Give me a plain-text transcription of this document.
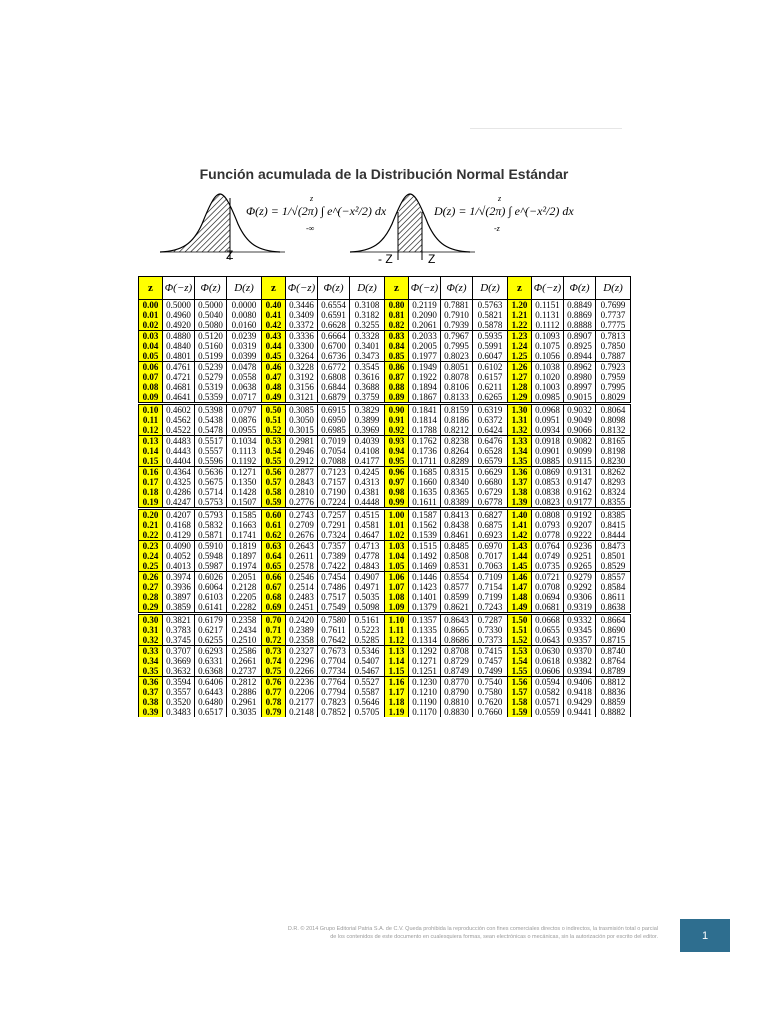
Función acumulada de la Distribución Normal Estándar
Z
Φ(z) = 1/√(2π) ∫ e^(−x²/2) dx
z
-∞
- Z	Z
D(z) = 1/√(2π) ∫ e^(−x²/2) dx
z
-z
z	Φ(−z)	Φ(z)	D(z)	z	Φ(−z)	Φ(z)	D(z)	z	Φ(−z)	Φ(z)	D(z)	z	Φ(−z)	Φ(z)	D(z)
0.00	0.5000	0.5000	0.0000	0.40	0.3446	0.6554	0.3108	0.80	0.2119	0.7881	0.5763	1.20	0.1151	0.8849	0.7699
0.01	0.4960	0.5040	0.0080	0.41	0.3409	0.6591	0.3182	0.81	0.2090	0.7910	0.5821	1.21	0.1131	0.8869	0.7737
0.02	0.4920	0.5080	0.0160	0.42	0.3372	0.6628	0.3255	0.82	0.2061	0.7939	0.5878	1.22	0.1112	0.8888	0.7775
0.03	0.4880	0.5120	0.0239	0.43	0.3336	0.6664	0.3328	0.83	0.2033	0.7967	0.5935	1.23	0.1093	0.8907	0.7813
0.04	0.4840	0.5160	0.0319	0.44	0.3300	0.6700	0.3401	0.84	0.2005	0.7995	0.5991	1.24	0.1075	0.8925	0.7850
0.05	0.4801	0.5199	0.0399	0.45	0.3264	0.6736	0.3473	0.85	0.1977	0.8023	0.6047	1.25	0.1056	0.8944	0.7887
0.06	0.4761	0.5239	0.0478	0.46	0.3228	0.6772	0.3545	0.86	0.1949	0.8051	0.6102	1.26	0.1038	0.8962	0.7923
0.07	0.4721	0.5279	0.0558	0.47	0.3192	0.6808	0.3616	0.87	0.1922	0.8078	0.6157	1.27	0.1020	0.8980	0.7959
0.08	0.4681	0.5319	0.0638	0.48	0.3156	0.6844	0.3688	0.88	0.1894	0.8106	0.6211	1.28	0.1003	0.8997	0.7995
0.09	0.4641	0.5359	0.0717	0.49	0.3121	0.6879	0.3759	0.89	0.1867	0.8133	0.6265	1.29	0.0985	0.9015	0.8029
0.10	0.4602	0.5398	0.0797	0.50	0.3085	0.6915	0.3829	0.90	0.1841	0.8159	0.6319	1.30	0.0968	0.9032	0.8064
0.11	0.4562	0.5438	0.0876	0.51	0.3050	0.6950	0.3899	0.91	0.1814	0.8186	0.6372	1.31	0.0951	0.9049	0.8098
0.12	0.4522	0.5478	0.0955	0.52	0.3015	0.6985	0.3969	0.92	0.1788	0.8212	0.6424	1.32	0.0934	0.9066	0.8132
0.13	0.4483	0.5517	0.1034	0.53	0.2981	0.7019	0.4039	0.93	0.1762	0.8238	0.6476	1.33	0.0918	0.9082	0.8165
0.14	0.4443	0.5557	0.1113	0.54	0.2946	0.7054	0.4108	0.94	0.1736	0.8264	0.6528	1.34	0.0901	0.9099	0.8198
0.15	0.4404	0.5596	0.1192	0.55	0.2912	0.7088	0.4177	0.95	0.1711	0.8289	0.6579	1.35	0.0885	0.9115	0.8230
0.16	0.4364	0.5636	0.1271	0.56	0.2877	0.7123	0.4245	0.96	0.1685	0.8315	0.6629	1.36	0.0869	0.9131	0.8262
0.17	0.4325	0.5675	0.1350	0.57	0.2843	0.7157	0.4313	0.97	0.1660	0.8340	0.6680	1.37	0.0853	0.9147	0.8293
0.18	0.4286	0.5714	0.1428	0.58	0.2810	0.7190	0.4381	0.98	0.1635	0.8365	0.6729	1.38	0.0838	0.9162	0.8324
0.19	0.4247	0.5753	0.1507	0.59	0.2776	0.7224	0.4448	0.99	0.1611	0.8389	0.6778	1.39	0.0823	0.9177	0.8355
0.20	0.4207	0.5793	0.1585	0.60	0.2743	0.7257	0.4515	1.00	0.1587	0.8413	0.6827	1.40	0.0808	0.9192	0.8385
0.21	0.4168	0.5832	0.1663	0.61	0.2709	0.7291	0.4581	1.01	0.1562	0.8438	0.6875	1.41	0.0793	0.9207	0.8415
0.22	0.4129	0.5871	0.1741	0.62	0.2676	0.7324	0.4647	1.02	0.1539	0.8461	0.6923	1.42	0.0778	0.9222	0.8444
0.23	0.4090	0.5910	0.1819	0.63	0.2643	0.7357	0.4713	1.03	0.1515	0.8485	0.6970	1.43	0.0764	0.9236	0.8473
0.24	0.4052	0.5948	0.1897	0.64	0.2611	0.7389	0.4778	1.04	0.1492	0.8508	0.7017	1.44	0.0749	0.9251	0.8501
0.25	0.4013	0.5987	0.1974	0.65	0.2578	0.7422	0.4843	1.05	0.1469	0.8531	0.7063	1.45	0.0735	0.9265	0.8529
0.26	0.3974	0.6026	0.2051	0.66	0.2546	0.7454	0.4907	1.06	0.1446	0.8554	0.7109	1.46	0.0721	0.9279	0.8557
0.27	0.3936	0.6064	0.2128	0.67	0.2514	0.7486	0.4971	1.07	0.1423	0.8577	0.7154	1.47	0.0708	0.9292	0.8584
0.28	0.3897	0.6103	0.2205	0.68	0.2483	0.7517	0.5035	1.08	0.1401	0.8599	0.7199	1.48	0.0694	0.9306	0.8611
0.29	0.3859	0.6141	0.2282	0.69	0.2451	0.7549	0.5098	1.09	0.1379	0.8621	0.7243	1.49	0.0681	0.9319	0.8638
0.30	0.3821	0.6179	0.2358	0.70	0.2420	0.7580	0.5161	1.10	0.1357	0.8643	0.7287	1.50	0.0668	0.9332	0.8664
0.31	0.3783	0.6217	0.2434	0.71	0.2389	0.7611	0.5223	1.11	0.1335	0.8665	0.7330	1.51	0.0655	0.9345	0.8690
0.32	0.3745	0.6255	0.2510	0.72	0.2358	0.7642	0.5285	1.12	0.1314	0.8686	0.7373	1.52	0.0643	0.9357	0.8715
0.33	0.3707	0.6293	0.2586	0.73	0.2327	0.7673	0.5346	1.13	0.1292	0.8708	0.7415	1.53	0.0630	0.9370	0.8740
0.34	0.3669	0.6331	0.2661	0.74	0.2296	0.7704	0.5407	1.14	0.1271	0.8729	0.7457	1.54	0.0618	0.9382	0.8764
0.35	0.3632	0.6368	0.2737	0.75	0.2266	0.7734	0.5467	1.15	0.1251	0.8749	0.7499	1.55	0.0606	0.9394	0.8789
0.36	0.3594	0.6406	0.2812	0.76	0.2236	0.7764	0.5527	1.16	0.1230	0.8770	0.7540	1.56	0.0594	0.9406	0.8812
0.37	0.3557	0.6443	0.2886	0.77	0.2206	0.7794	0.5587	1.17	0.1210	0.8790	0.7580	1.57	0.0582	0.9418	0.8836
0.38	0.3520	0.6480	0.2961	0.78	0.2177	0.7823	0.5646	1.18	0.1190	0.8810	0.7620	1.58	0.0571	0.9429	0.8859
0.39	0.3483	0.6517	0.3035	0.79	0.2148	0.7852	0.5705	1.19	0.1170	0.8830	0.7660	1.59	0.0559	0.9441	0.8882
D.R. © 2014 Grupo Editorial Patria S.A. de C.V. Queda prohibida la reproducción con fines comerciales directos o indirectos, la trasmisión total o parcial
de los contenidos de este documento en cualesquiera formas, sean electrónicas o mecánicas, sin la autorización por escrito del editor.	1
